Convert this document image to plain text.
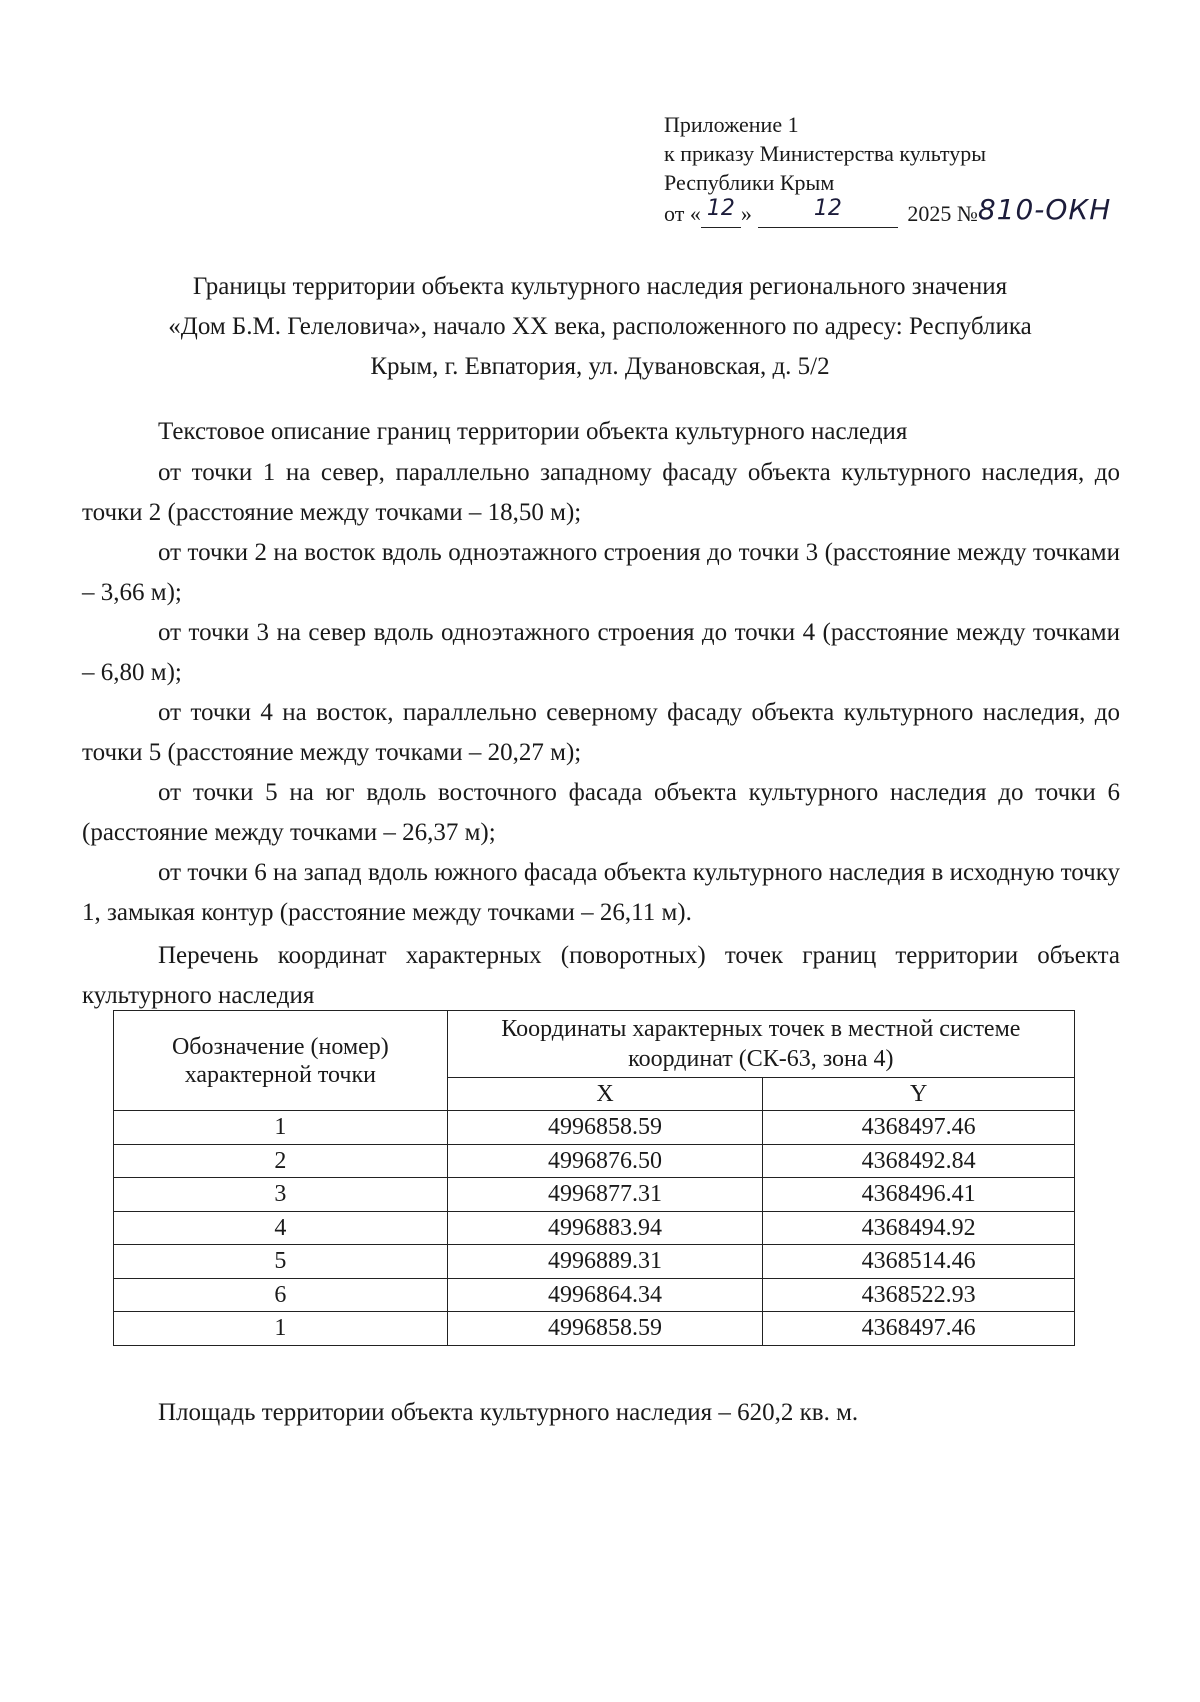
Приложение 1
к приказу Министерства культуры
Республики Крым
от « 12 »	12	2025 №810-ОКН
Границы территории объекта культурного наследия регионального значения
«Дом Б.М. Гелеловича», начало ХХ века, расположенного по адресу: Республика
Крым, г. Евпатория, ул. Дувановская, д. 5/2
Текстовое описание границ территории объекта культурного наследия

от точки 1 на север, параллельно западному фасаду объекта культурного наследия, до точки 2 (расстояние между точками – 18,50 м);

от точки 2 на восток вдоль одноэтажного строения до точки 3 (расстояние между точками – 3,66 м);

от точки 3 на север вдоль одноэтажного строения до точки 4 (расстояние между точками – 6,80 м);

от точки 4 на восток, параллельно северному фасаду объекта культурного наследия, до точки 5 (расстояние между точками – 20,27 м);

от точки 5 на юг вдоль восточного фасада объекта культурного наследия до точки 6 (расстояние между точками – 26,37 м);

от точки 6 на запад вдоль южного фасада объекта культурного наследия в исходную точку 1, замыкая контур (расстояние между точками – 26,11 м).

Перечень координат характерных (поворотных) точек границ территории объекта культурного наследия

Обозначение (номер) характерной точки	Координаты характерных точек в местной системе координат (СК-63, зона 4)	
	X	Y
1	4996858.59	4368497.46
2	4996876.50	4368492.84
3	4996877.31	4368496.41
4	4996883.94	4368494.92
5	4996889.31	4368514.46
6	4996864.34	4368522.93
1	4996858.59	4368497.46
Площадь территории объекта культурного наследия – 620,2 кв. м.
